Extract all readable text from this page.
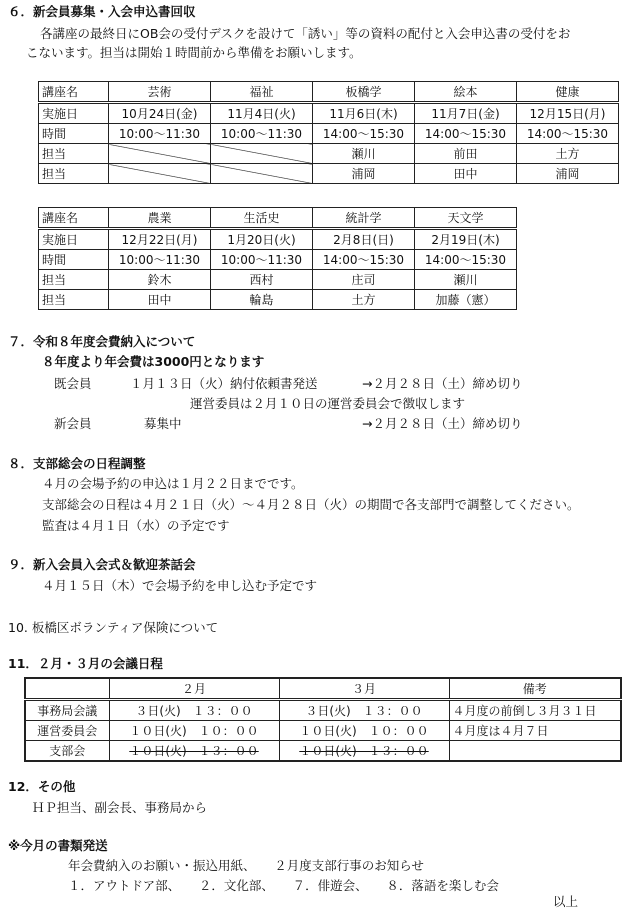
６．新会員募集・入会申込書回収
各講座の最終日にOB会の受付デスクを設けて「誘い」等の資料の配付と入会申込書の受付をお
こないます。担当は開始１時間前から準備をお願いします。
講座名	芸術	福祉	板橋学	絵本	健康
実施日	10月24日(金)	11月4日(火)	11月6日(木)	11月7日(金)	12月15日(月)
時間	10:00～11:30	10:00～11:30	14:00～15:30	14:00～15:30	14:00～15:30
担当			瀬川	前田	土方
担当			浦岡	田中	浦岡
講座名	農業	生活史	統計学	天文学
実施日	12月22日(月)	1月20日(火)	2月8日(日)	2月19日(木)
時間	10:00～11:30	10:00～11:30	14:00～15:30	14:00～15:30
担当	鈴木	西村	庄司	瀬川
担当	田中	輪島	土方	加藤（憲）
７．令和８年度会費納入について
８年度より年会費は3000円となります
既会員	１月１３日（火）納付依頼書発送	→２月２８日（土）締め切り
運営委員は２月１０日の運営委員会で徴収します
新会員	募集中	→２月２８日（土）締め切り
８．支部総会の日程調整
４月の会場予約の申込は１月２２日までです。
支部総会の日程は４月２１日（火）～４月２８日（火）の期間で各支部門で調整してください。
監査は４月１日（水）の予定です
９．新入会員入会式＆歓迎茶話会
４月１５日（木）で会場予約を申し込む予定です
10. 板橋区ボランティア保険について
11．２月・３月の会議日程
	２月	３月	備考
事務局会議	３日(火)　１３：００	３日(火)　１３：００	４月度の前倒し３月３１日
運営委員会	１０日(火)　１０：００	１０日(火)　１０：００	４月度は４月７日
支部会	１０日(火)　１３：００	１０日(火)　１３：００	
12．その他
ＨＰ担当、副会長、事務局から
※今月の書類発送
年会費納入のお願い・振込用紙、　　２月度支部行事のお知らせ
１．アウトドア部、　　２．文化部、　　７．俳遊会、　　８．落語を楽しむ会
以上
